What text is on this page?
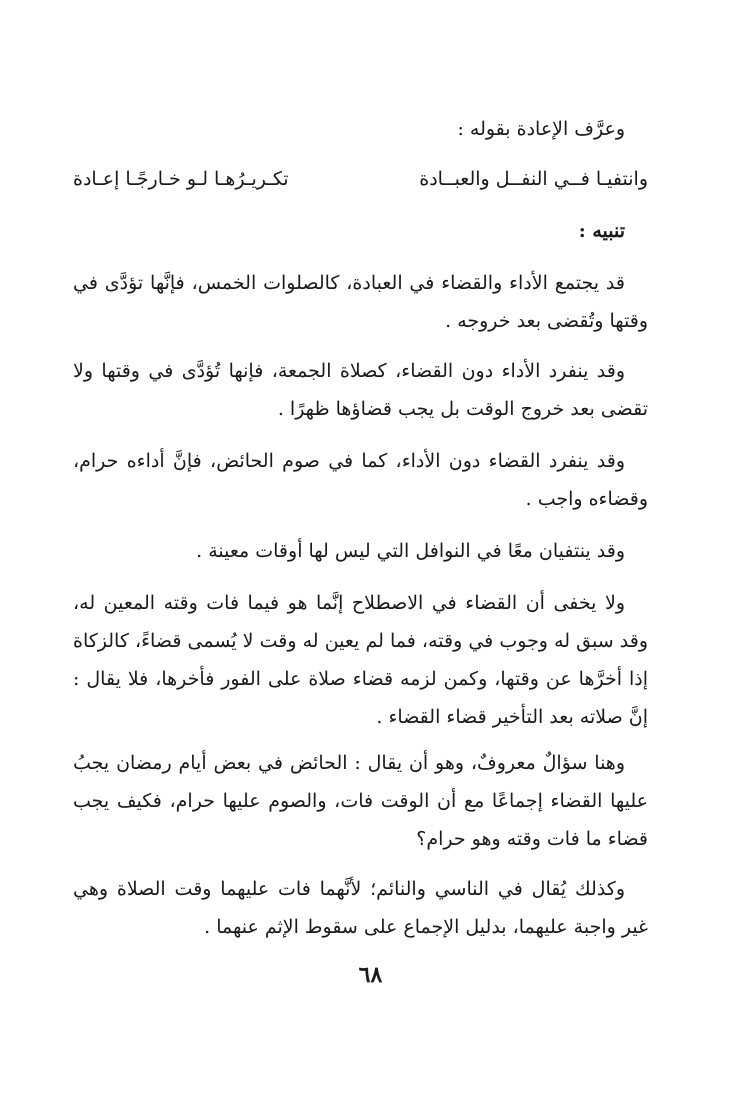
وعرَّف الإعادة بقوله :
وانتفيـا فــي النفــل والعبــادة
تكـريـرُهـا لـو خـارجًـا إعـادة
تنبيه :
قد يجتمع الأداء والقضاء في العبادة، كالصلوات الخمس، فإنَّها تؤدَّى في وقتها وتُقضى بعد خروجه .
وقد ينفرد الأداء دون القضاء، كصلاة الجمعة، فإنها تُؤدَّى في وقتها ولا تقضى بعد خروج الوقت بل يجب قضاؤها ظهرًا .
وقد ينفرد القضاء دون الأداء، كما في صوم الحائض، فإنَّ أداءه حرام، وقضاءه واجب .
وقد ينتفيان معًا في النوافل التي ليس لها أوقات معينة .
ولا يخفى أن القضاء في الاصطلاح إنَّما هو فيما فات وقته المعين له، وقد سبق له وجوب في وقته، فما لم يعين له وقت لا يُسمى قضاءً، كالزكاة إذا أخرَّها عن وقتها، وكمن لزمه قضاء صلاة على الفور فأخرها، فلا يقال : إنَّ صلاته بعد التأخير قضاء القضاء .
وهنا سؤالٌ معروفٌ، وهو أن يقال : الحائض في بعض أيام رمضان يجبُ عليها القضاء إجماعًا مع أن الوقت فات، والصوم عليها حرام، فكيف يجب قضاء ما فات وقته وهو حرام؟
وكذلك يُقال في الناسي والنائم؛ لأنَّهما فات عليهما وقت الصلاة وهي غير واجبة عليهما، بدليل الإجماع على سقوط الإثم عنهما .
٦٨
